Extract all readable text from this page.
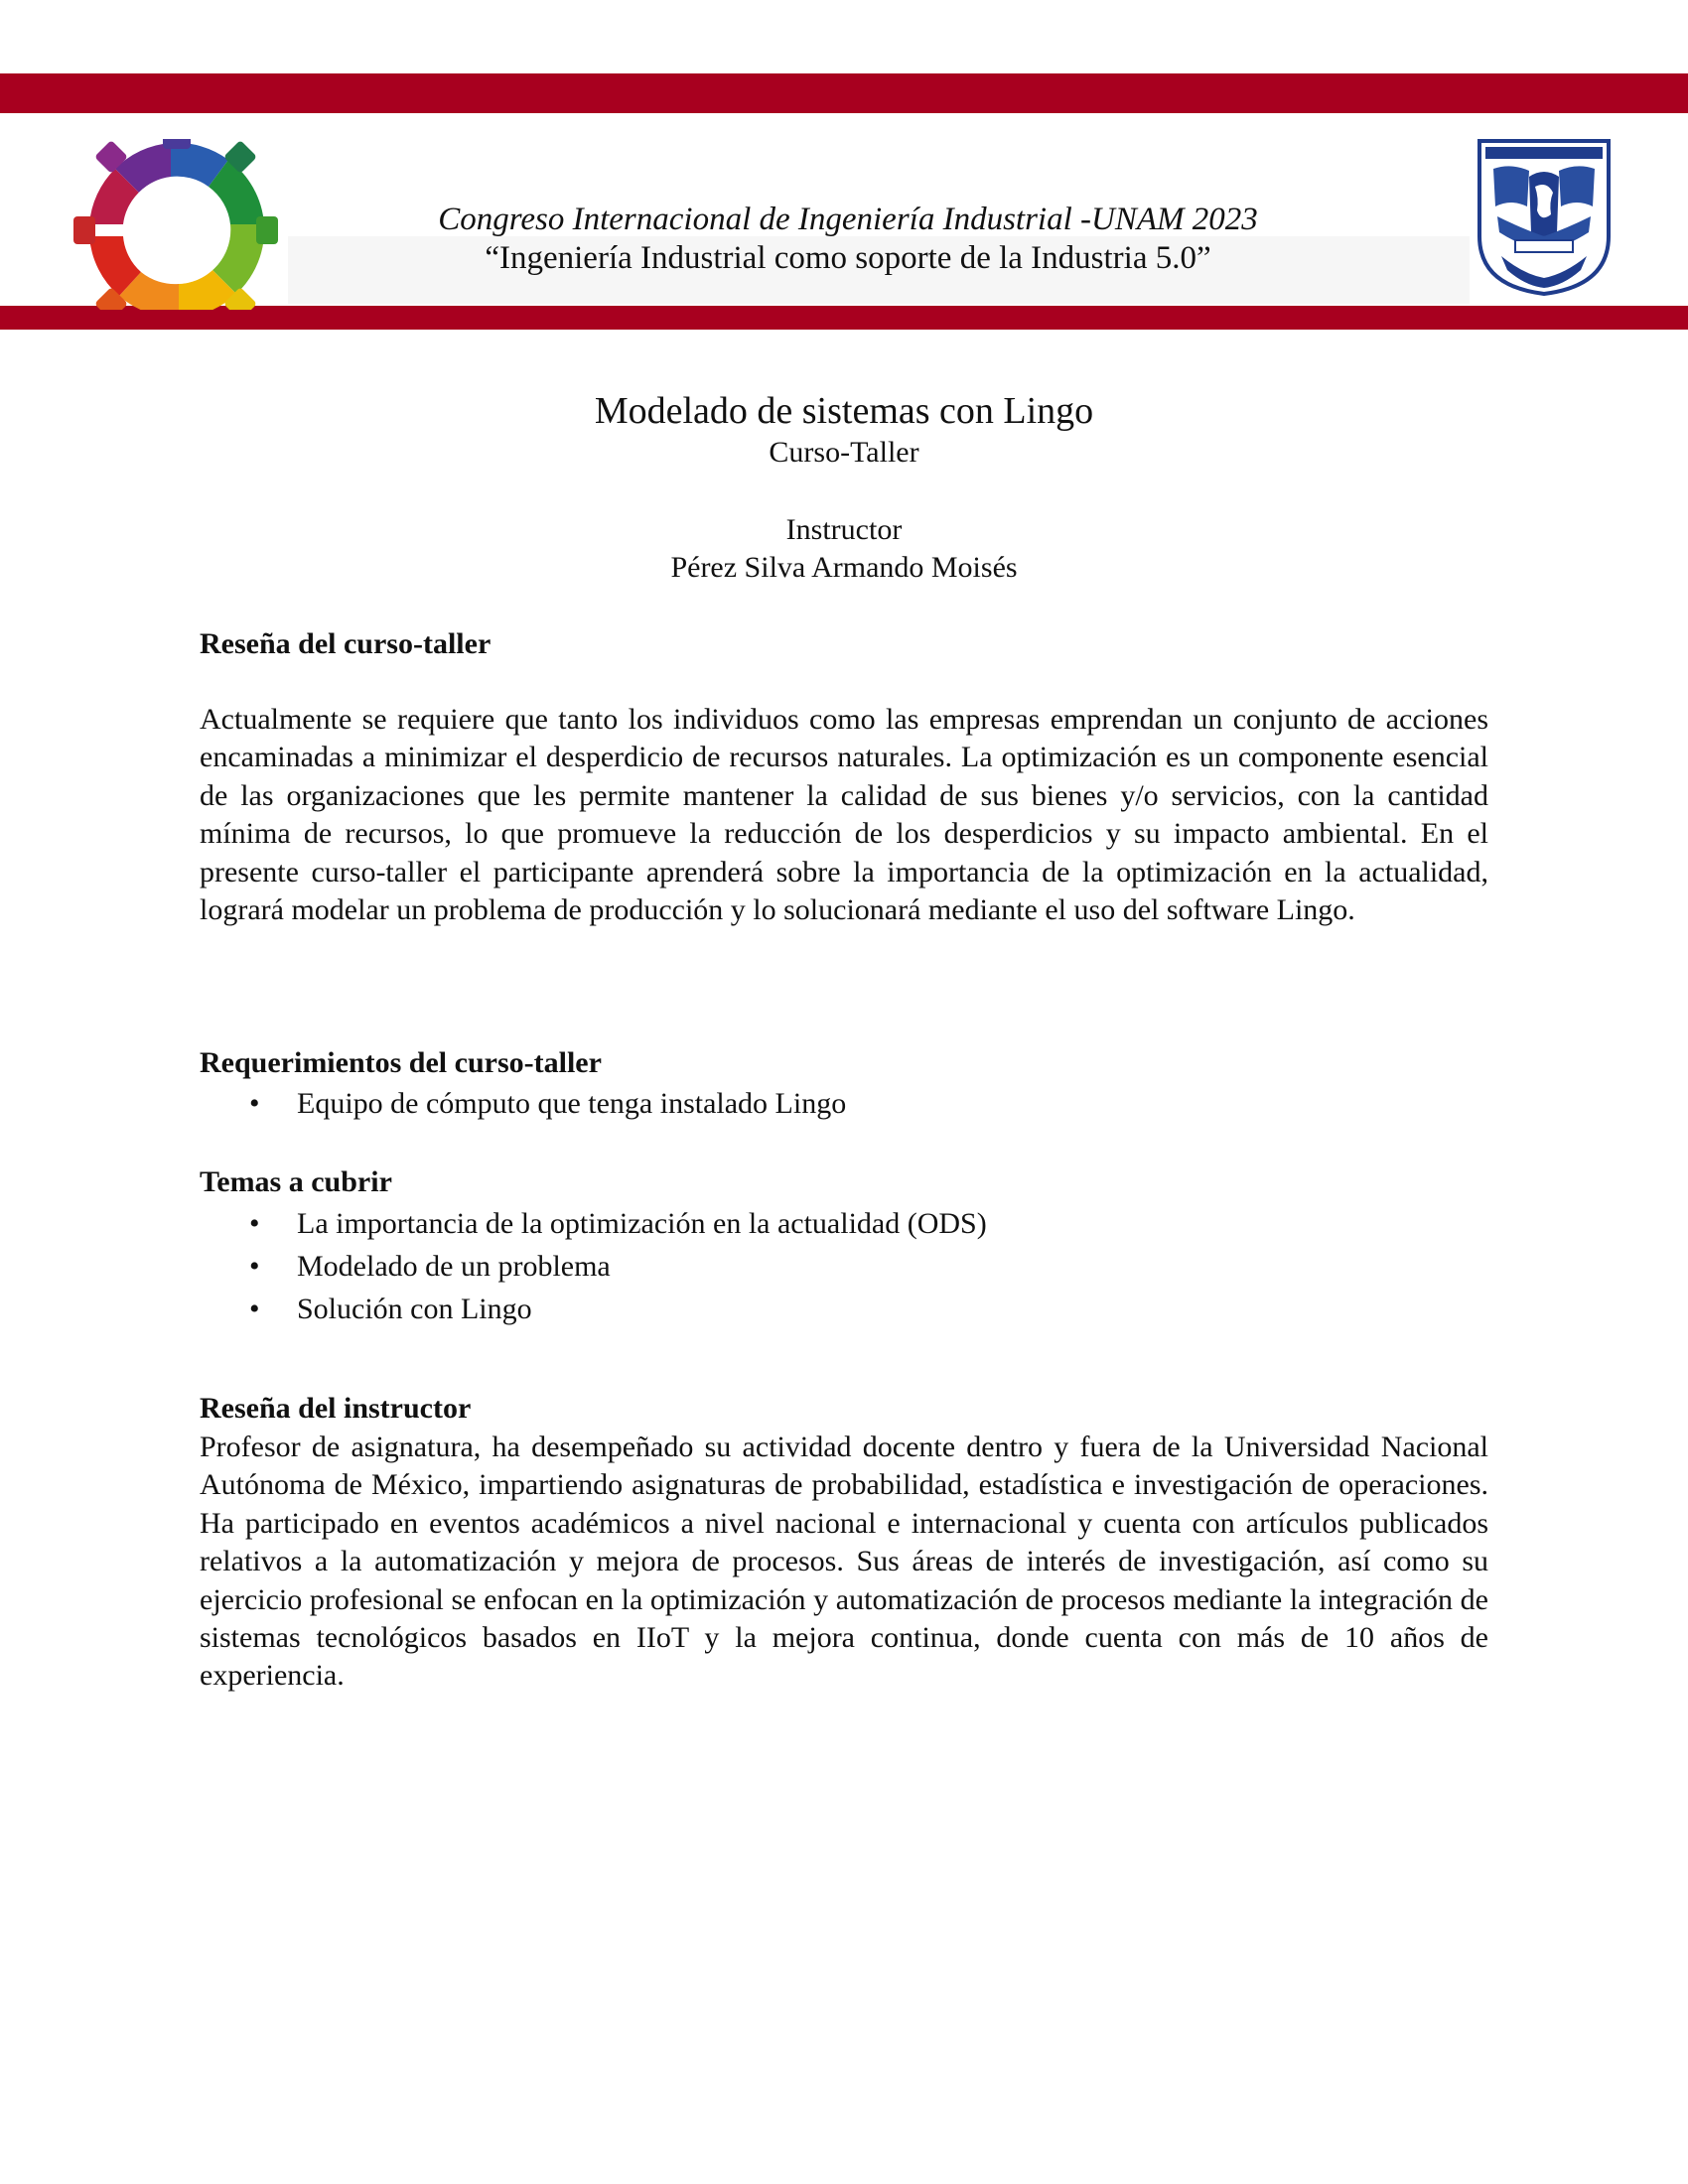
Congreso Internacional de Ingeniería Industrial -UNAM 2023
“Ingeniería Industrial como soporte de la Industria 5.0”
Modelado de sistemas con Lingo
Curso-Taller
Instructor
Pérez Silva Armando Moisés
Reseña del curso-taller
Actualmente se requiere que tanto los individuos como las empresas emprendan un conjunto de acciones encaminadas a minimizar el desperdicio de recursos naturales. La optimización es un componente esencial de las organizaciones que les permite mantener la calidad de sus bienes y/o servicios, con la cantidad mínima de recursos, lo que promueve la reducción de los desperdicios y su impacto ambiental. En el presente curso-taller el participante aprenderá sobre la importancia de la optimización en la actualidad, logrará modelar un problema de producción y lo solucionará mediante el uso del software Lingo.
Requerimientos del curso-taller
• Equipo de cómputo que tenga instalado Lingo
Temas a cubrir
• La importancia de la optimización en la actualidad (ODS)
• Modelado de un problema
• Solución con Lingo
Reseña del instructor
Profesor de asignatura, ha desempeñado su actividad docente dentro y fuera de la Universidad Nacional Autónoma de México, impartiendo asignaturas de probabilidad, estadística e investigación de operaciones. Ha participado en eventos académicos a nivel nacional e internacional y cuenta con artículos publicados relativos a la automatización y mejora de procesos. Sus áreas de interés de investigación, así como su ejercicio profesional se enfocan en la optimización y automatización de procesos mediante la integración de sistemas tecnológicos basados en IIoT y la mejora continua, donde cuenta con más de 10 años de experiencia.
